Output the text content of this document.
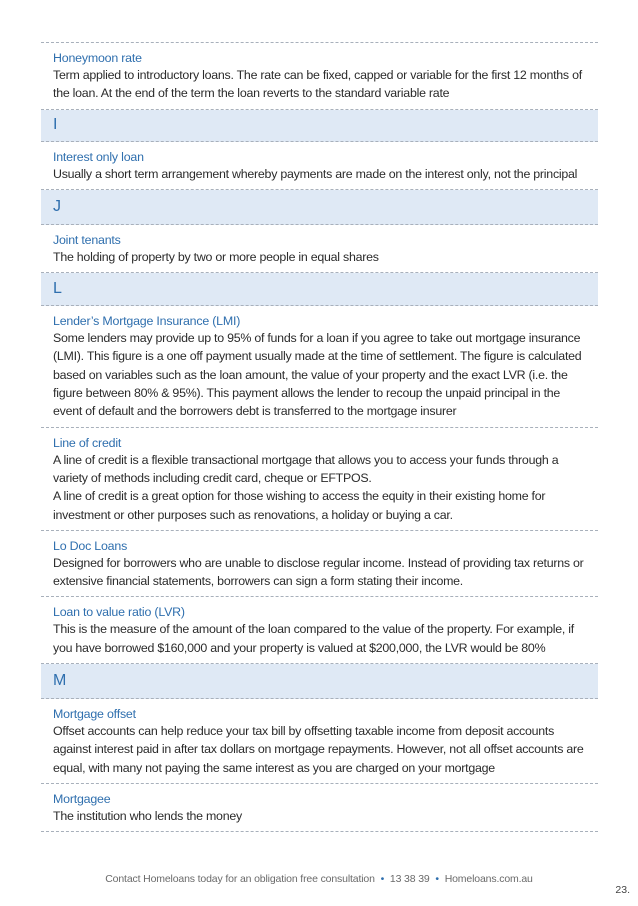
Honeymoon rate
Term applied to introductory loans. The rate can be fixed, capped or variable for the first 12 months of
the loan. At the end of the term the loan reverts to the standard variable rate
I
Interest only loan
Usually a short term arrangement whereby payments are made on the interest only, not the principal
J
Joint tenants
The holding of property by two or more people in equal shares
L
Lender’s Mortgage Insurance (LMI)
Some lenders may provide up to 95% of funds for a loan if you agree to take out mortgage insurance
(LMI). This figure is a one off payment usually made at the time of settlement. The figure is calculated
based on variables such as the loan amount, the value of your property and the exact LVR (i.e. the
figure between 80% & 95%). This payment allows the lender to recoup the unpaid principal in the
event of default and the borrowers debt is transferred to the mortgage insurer
Line of credit
A line of credit is a flexible transactional mortgage that allows you to access your funds through a
variety of methods including credit card, cheque or EFTPOS.
A line of credit is a great option for those wishing to access the equity in their existing home for
investment or other purposes such as renovations, a holiday or buying a car.
Lo Doc Loans
Designed for borrowers who are unable to disclose regular income. Instead of providing tax returns or
extensive financial statements, borrowers can sign a form stating their income.
Loan to value ratio (LVR)
This is the measure of the amount of the loan compared to the value of the property. For example, if
you have borrowed $160,000 and your property is valued at $200,000, the LVR would be 80%
M
Mortgage offset
Offset accounts can help reduce your tax bill by offsetting taxable income from deposit accounts
against interest paid in after tax dollars on mortgage repayments. However, not all offset accounts are
equal, with many not paying the same interest as you are charged on your mortgage
Mortgagee
The institution who lends the money
Contact Homeloans today for an obligation free consultation • 13 38 39 • Homeloans.com.au
23.
